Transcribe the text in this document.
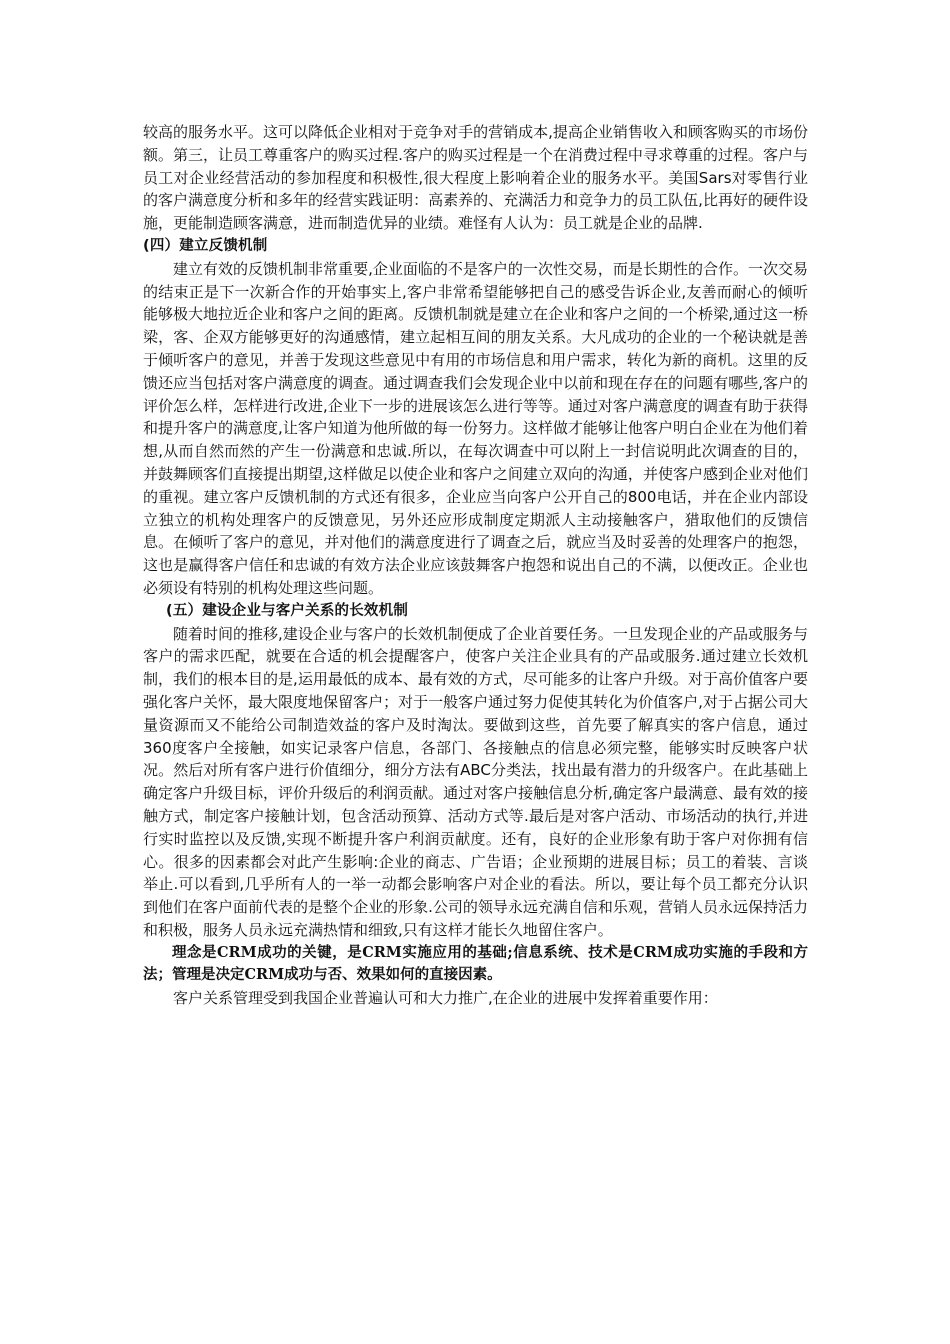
较高的服务水平。这可以降低企业相对于竞争对手的营销成本,提高企业销售收入和顾客购买的市场份额。第三，让员工尊重客户的购买过程.客户的购买过程是一个在消费过程中寻求尊重的过程。客户与员工对企业经营活动的参加程度和积极性,很大程度上影响着企业的服务水平。美国Sars对零售行业的客户满意度分析和多年的经营实践证明：高素养的、充满活力和竞争力的员工队伍,比再好的硬件设施，更能制造顾客满意，进而制造优异的业绩。难怪有人认为：员工就是企业的品牌.

(四）建立反馈机制

建立有效的反馈机制非常重要,企业面临的不是客户的一次性交易，而是长期性的合作。一次交易的结束正是下一次新合作的开始事实上,客户非常希望能够把自己的感受告诉企业,友善而耐心的倾听能够极大地拉近企业和客户之间的距离。反馈机制就是建立在企业和客户之间的一个桥梁,通过这一桥梁，客、企双方能够更好的沟通感情，建立起相互间的朋友关系。大凡成功的企业的一个秘诀就是善于倾听客户的意见，并善于发现这些意见中有用的市场信息和用户需求，转化为新的商机。这里的反馈还应当包括对客户满意度的调查。通过调查我们会发现企业中以前和现在存在的问题有哪些,客户的评价怎么样，怎样进行改进,企业下一步的进展该怎么进行等等。通过对客户满意度的调查有助于获得和提升客户的满意度,让客户知道为他所做的每一份努力。这样做才能够让他客户明白企业在为他们着想,从而自然而然的产生一份满意和忠诚.所以，在每次调查中可以附上一封信说明此次调查的目的，并鼓舞顾客们直接提出期望,这样做足以使企业和客户之间建立双向的沟通，并使客户感到企业对他们的重视。建立客户反馈机制的方式还有很多，企业应当向客户公开自己的800电话，并在企业内部设立独立的机构处理客户的反馈意见，另外还应形成制度定期派人主动接触客户，猎取他们的反馈信息。在倾听了客户的意见，并对他们的满意度进行了调查之后，就应当及时妥善的处理客户的抱怨，这也是赢得客户信任和忠诚的有效方法企业应该鼓舞客户抱怨和说出自己的不满，以便改正。企业也必须设有特别的机构处理这些问题。

(五）建设企业与客户关系的长效机制

随着时间的推移,建设企业与客户的长效机制便成了企业首要任务。一旦发现企业的产品或服务与客户的需求匹配，就要在合适的机会提醒客户，使客户关注企业具有的产品或服务.通过建立长效机制，我们的根本目的是,运用最低的成本、最有效的方式，尽可能多的让客户升级。对于高价值客户要强化客户关怀，最大限度地保留客户；对于一般客户通过努力促使其转化为价值客户,对于占据公司大量资源而又不能给公司制造效益的客户及时淘汰。要做到这些，首先要了解真实的客户信息，通过360度客户全接触，如实记录客户信息，各部门、各接触点的信息必须完整，能够实时反映客户状况。然后对所有客户进行价值细分，细分方法有ABC分类法，找出最有潜力的升级客户。在此基础上确定客户升级目标，评价升级后的利润贡献。通过对客户接触信息分析,确定客户最满意、最有效的接触方式，制定客户接触计划，包含活动预算、活动方式等.最后是对客户活动、市场活动的执行,并进行实时监控以及反馈,实现不断提升客户利润贡献度。还有，良好的企业形象有助于客户对你拥有信心。很多的因素都会对此产生影响:企业的商志、广告语；企业预期的进展目标；员工的着装、言谈举止.可以看到,几乎所有人的一举一动都会影响客户对企业的看法。所以，要让每个员工都充分认识到他们在客户面前代表的是整个企业的形象.公司的领导永远充满自信和乐观，营销人员永远保持活力和积极，服务人员永远充满热情和细致,只有这样才能长久地留住客户。

理念是CRM成功的关键，是CRM实施应用的基础;信息系统、技术是CRM成功实施的手段和方法；管理是决定CRM成功与否、效果如何的直接因素。

客户关系管理受到我国企业普遍认可和大力推广,在企业的进展中发挥着重要作用：
